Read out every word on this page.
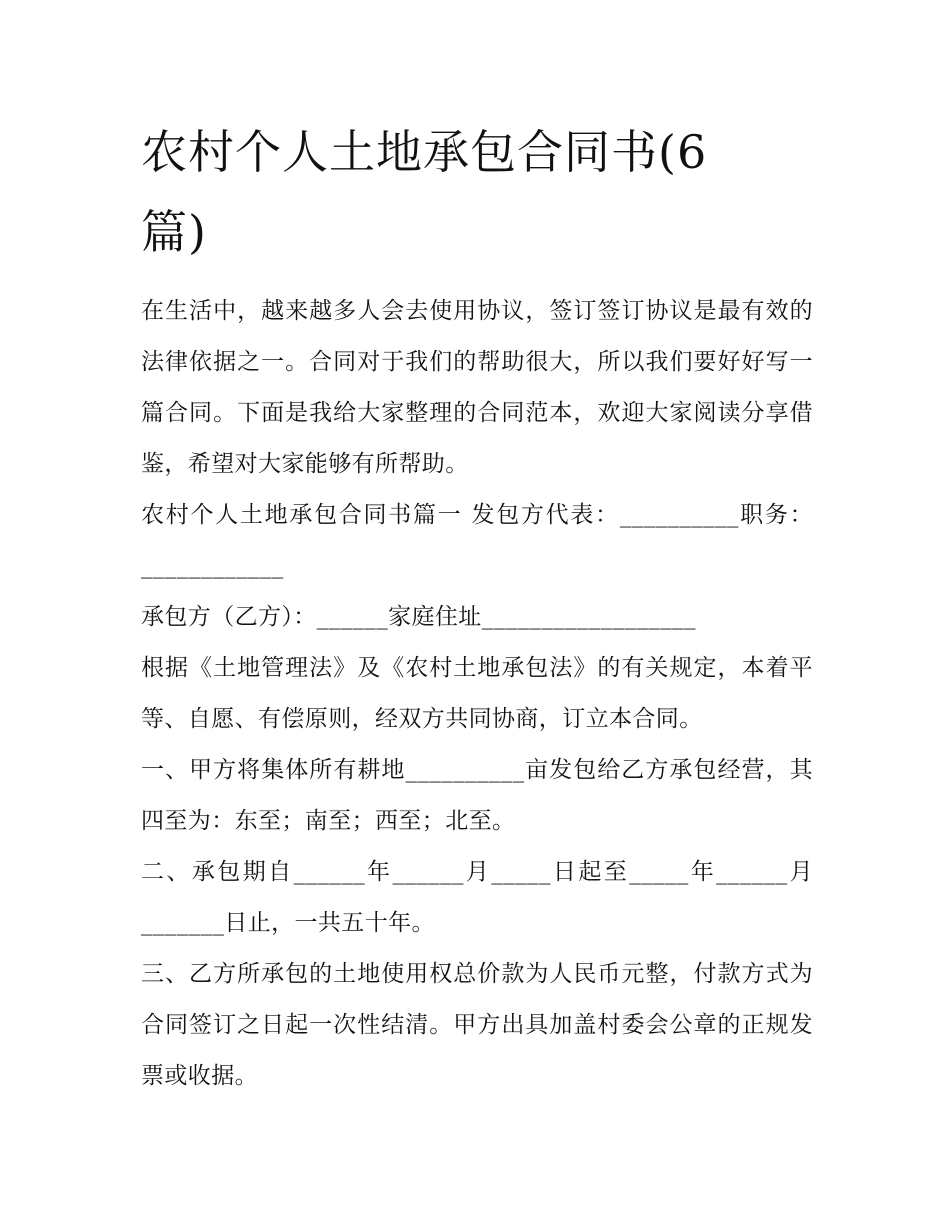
农村个人土地承包合同书(6篇)

在生活中，越来越多人会去使用协议，签订签订协议是最有效的法律依据之一。合同对于我们的帮助很大，所以我们要好好写一篇合同。下面是我给大家整理的合同范本，欢迎大家阅读分享借鉴，希望对大家能够有所帮助。

农村个人土地承包合同书篇一 发包方代表：__________职务：____________

承包方（乙方）：______家庭住址__________________

根据《土地管理法》及《农村土地承包法》的有关规定，本着平等、自愿、有偿原则，经双方共同协商，订立本合同。

一、甲方将集体所有耕地__________亩发包给乙方承包经营，其四至为：东至；南至；西至；北至。

二、承包期自______年______月_____日起至_____年______月_______日止，一共五十年。

三、乙方所承包的土地使用权总价款为人民币元整，付款方式为合同签订之日起一次性结清。甲方出具加盖村委会公章的正规发票或收据。
